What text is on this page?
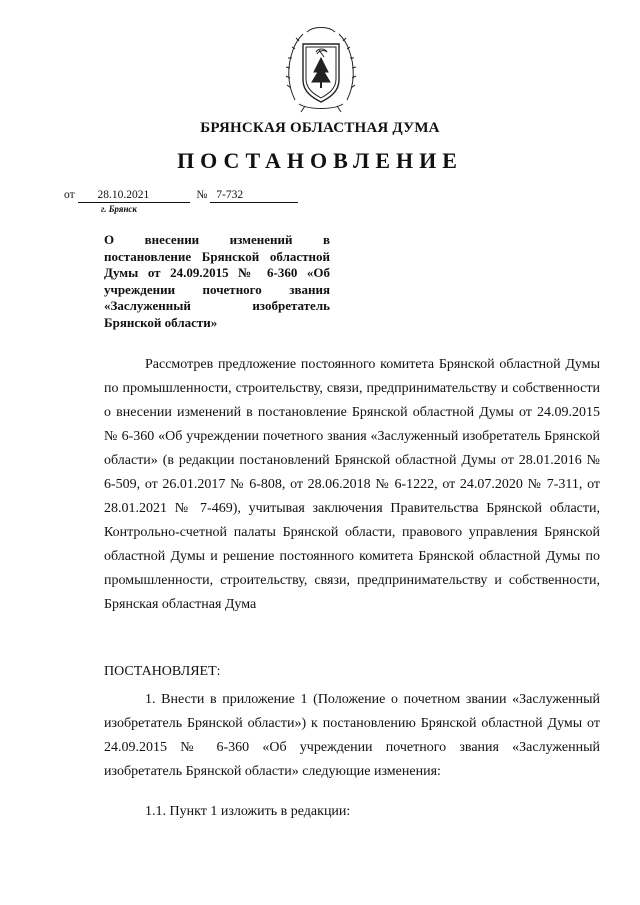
БРЯНСКАЯ ОБЛАСТНАЯ ДУМА
ПОСТАНОВЛЕНИЕ
от 28.10.2021	№ 7-732
г. Брянск
О внесении изменений в постановление Брянской областной Думы от 24.09.2015 № 6-360 «Об учреждении почетного звания «Заслуженный изобретатель Брянской области»
Рассмотрев предложение постоянного комитета Брянской областной Думы по промышленности, строительству, связи, предпринимательству и собственности о внесении изменений в постановление Брянской областной Думы от 24.09.2015 № 6-360 «Об учреждении почетного звания «Заслуженный изобретатель Брянской области» (в редакции постановлений Брянской областной Думы от 28.01.2016 № 6-509, от 26.01.2017 № 6-808, от 28.06.2018 № 6-1222, от 24.07.2020 № 7-311, от 28.01.2021 № 7-469), учитывая заключения Правительства Брянской области, Контрольно-счетной палаты Брянской области, правового управления Брянской областной Думы и решение постоянного комитета Брянской областной Думы по промышленности, строительству, связи, предпринимательству и собственности, Брянская областная Дума
ПОСТАНОВЛЯЕТ:
1. Внести в приложение 1 (Положение о почетном звании «Заслуженный изобретатель Брянской области») к постановлению Брянской областной Думы от 24.09.2015 № 6-360 «Об учреждении почетного звания «Заслуженный изобретатель Брянской области» следующие изменения:
1.1. Пункт 1 изложить в редакции:
